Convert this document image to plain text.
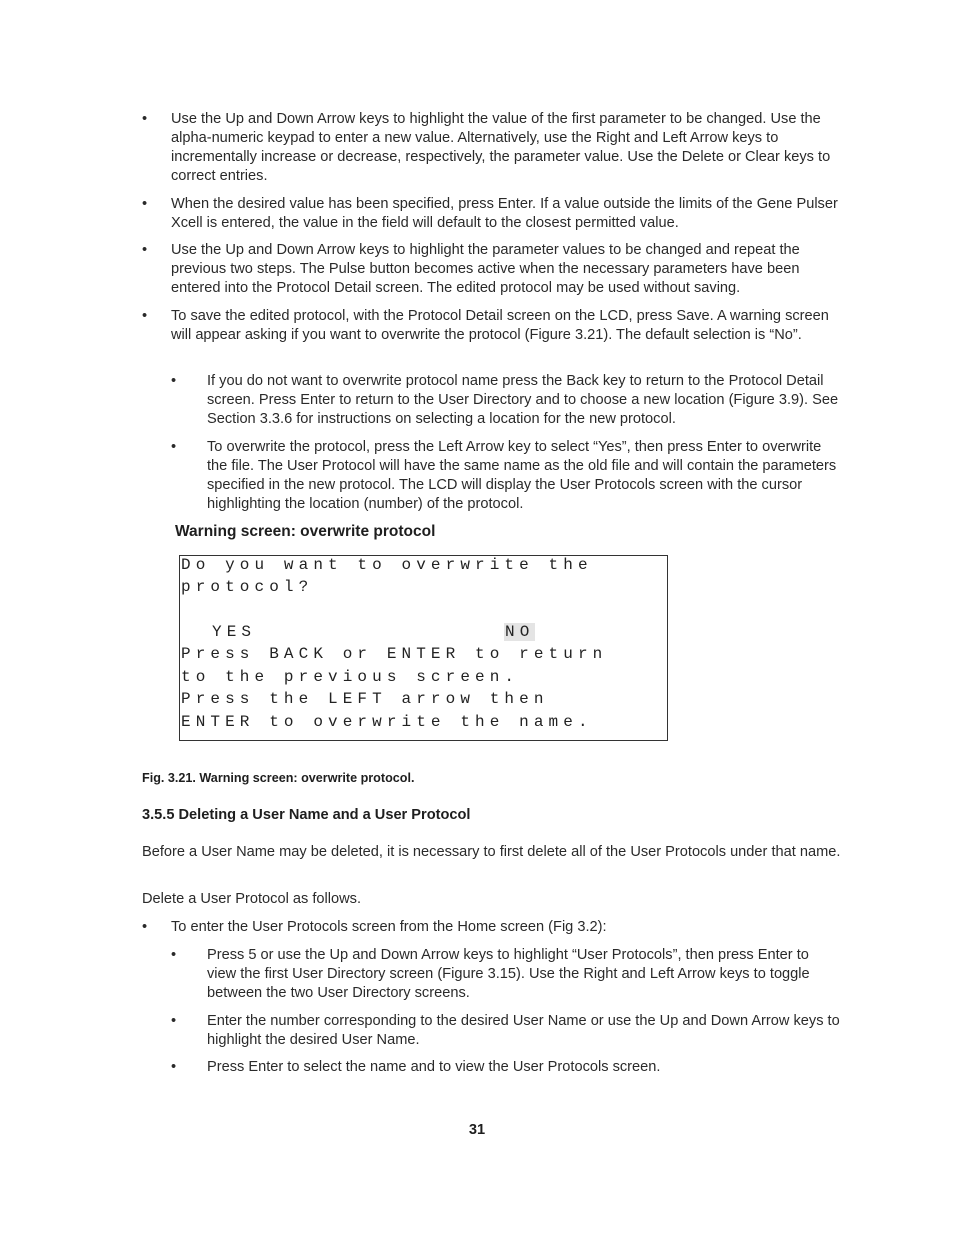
• Use the Up and Down Arrow keys to highlight the value of the first parameter to be changed. Use the alpha-numeric keypad to enter a new value. Alternatively, use the Right and Left Arrow keys to incrementally increase or decrease, respectively, the parameter value. Use the Delete or Clear keys to correct entries.
• When the desired value has been specified, press Enter. If a value outside the limits of the Gene Pulser Xcell is entered, the value in the field will default to the closest permitted value.
• Use the Up and Down Arrow keys to highlight the parameter values to be changed and repeat the previous two steps. The Pulse button becomes active when the necessary parameters have been entered into the Protocol Detail screen. The edited protocol may be used without saving.
• To save the edited protocol, with the Protocol Detail screen on the LCD, press Save. A warning screen will appear asking if you want to overwrite the protocol (Figure 3.21). The default selection is “No”.
• If you do not want to overwrite protocol name press the Back key to return to the Protocol Detail screen. Press Enter to return to the User Directory and to choose a new location (Figure 3.9). See Section 3.3.6 for instructions on selecting a location for the new protocol.
• To overwrite the protocol, press the Left Arrow key to select “Yes”, then press Enter to overwrite the file. The User Protocol will have the same name as the old file and will contain the parameters specified in the new protocol. The LCD will display the User Protocols screen with the cursor highlighting the location (number) of the protocol.
Warning screen: overwrite protocol
Do you want to overwrite the
protocol?
YES	NO
Press BACK or ENTER to return
to the previous screen.
Press the LEFT arrow then
ENTER to overwrite the name.
Fig. 3.21. Warning screen: overwrite protocol.
3.5.5 Deleting a User Name and a User Protocol
Before a User Name may be deleted, it is necessary to first delete all of the User Protocols under that name.
Delete a User Protocol as follows.
• To enter the User Protocols screen from the Home screen (Fig 3.2):
• Press 5 or use the Up and Down Arrow keys to highlight “User Protocols”, then press Enter to view the first User Directory screen (Figure 3.15). Use the Right and Left Arrow keys to toggle between the two User Directory screens.
• Enter the number corresponding to the desired User Name or use the Up and Down Arrow keys to highlight the desired User Name.
• Press Enter to select the name and to view the User Protocols screen.
31
